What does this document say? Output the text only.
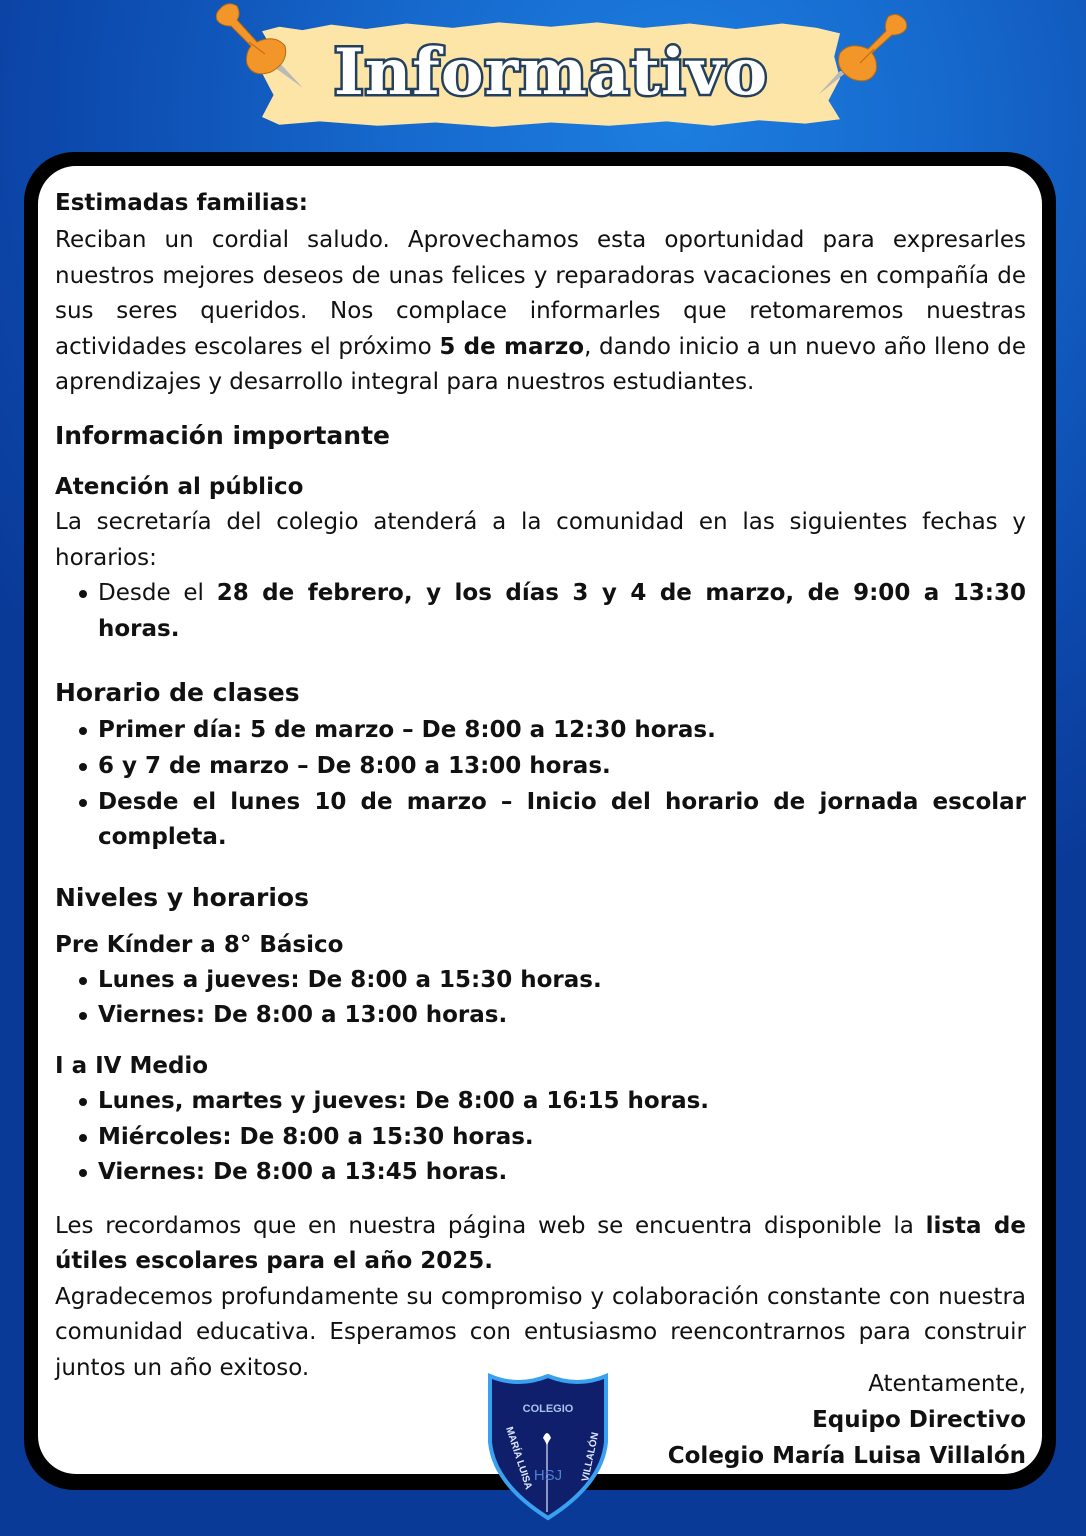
Informativo
Estimadas familias:

Reciban un cordial saludo. Aprovechamos esta oportunidad para expresarles nuestros mejores deseos de unas felices y reparadoras vacaciones en compañía de sus seres queridos. Nos complace informarles que retomaremos nuestras actividades escolares el próximo 5 de marzo, dando inicio a un nuevo año lleno de aprendizajes y desarrollo integral para nuestros estudiantes.

Información importante
Atención al público

La secretaría del colegio atenderá a la comunidad en las siguientes fechas y horarios:

Desde el 28 de febrero, y los días 3 y 4 de marzo, de 9:00 a 13:30 horas.
Horario de clases
Primer día: 5 de marzo – De 8:00 a 12:30 horas.
6 y 7 de marzo – De 8:00 a 13:00 horas.
Desde el lunes 10 de marzo – Inicio del horario de jornada escolar completa.
Niveles y horarios
Pre Kínder a 8° Básico
Lunes a jueves: De 8:00 a 15:30 horas.
Viernes: De 8:00 a 13:00 horas.
I a IV Medio
Lunes, martes y jueves: De 8:00 a 16:15 horas.
Miércoles: De 8:00 a 15:30 horas.
Viernes: De 8:00 a 13:45 horas.

Les recordamos que en nuestra página web se encuentra disponible la lista de útiles escolares para el año 2025.

Agradecemos profundamente su compromiso y colaboración constante con nuestra comunidad educativa. Esperamos con entusiasmo reencontrarnos para construir juntos un año exitoso.

COLEGIO
MARÍA LUISA	VILLALÓN
HSJ
Atentamente,
Equipo Directivo
Colegio María Luisa Villalón
